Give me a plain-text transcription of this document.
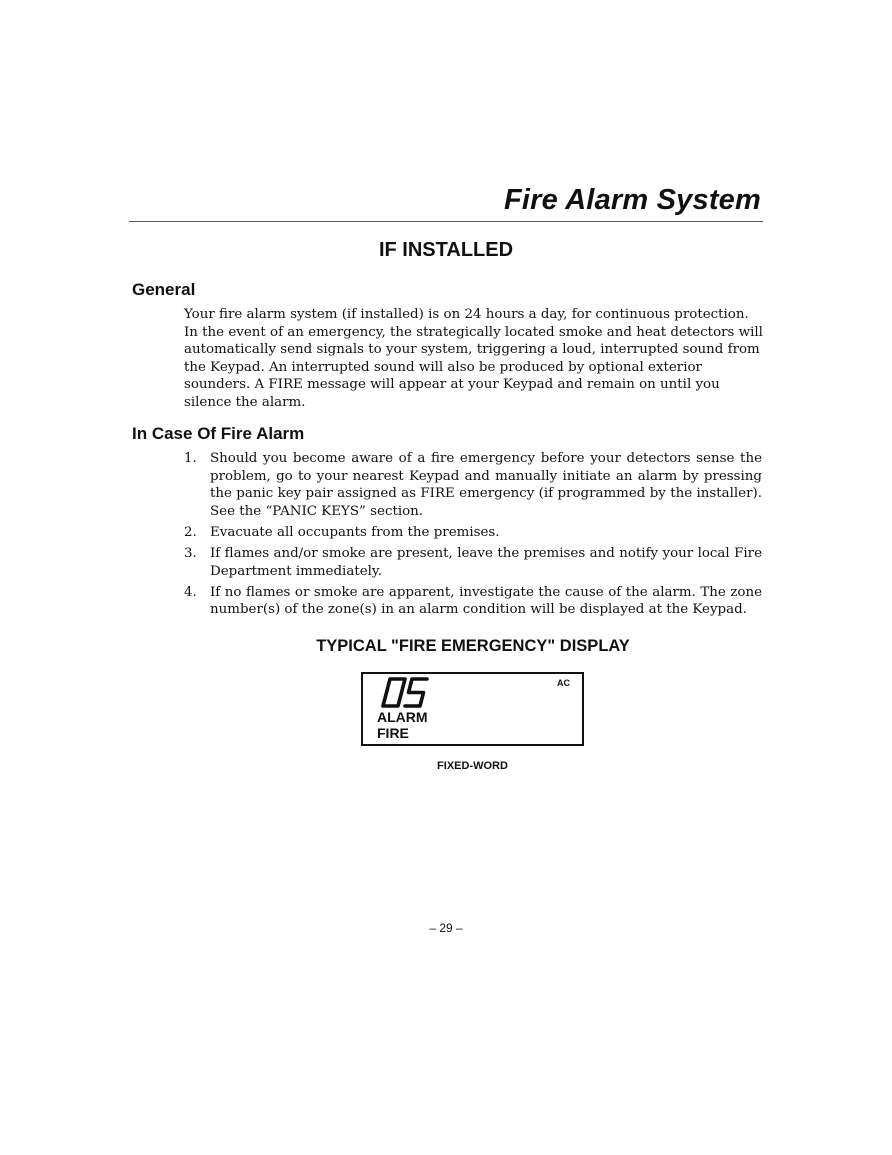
Fire Alarm System
IF INSTALLED
General

Your fire alarm system (if installed) is on 24 hours a day, for continuous protection. In the event of an emergency, the strategically located smoke and heat detectors will automatically send signals to your system, triggering a loud, interrupted sound from the Keypad. An interrupted sound will also be produced by optional exterior sounders. A FIRE message will appear at your Keypad and remain on until you silence the alarm.

In Case Of Fire Alarm
1. Should you become aware of a fire emergency before your detectors sense the problem, go to your nearest Keypad and manually initiate an alarm by pressing the panic key pair assigned as FIRE emergency (if programmed by the installer). See the “PANIC KEYS” section.
2. Evacuate all occupants from the premises.
3. If flames and/or smoke are present, leave the premises and notify your local Fire Department immediately.
4. If no flames or smoke are apparent, investigate the cause of the alarm. The zone number(s) of the zone(s) in an alarm condition will be displayed at the Keypad.
TYPICAL "FIRE EMERGENCY" DISPLAY
AC
ALARM
FIRE
FIXED-WORD
– 29 –
